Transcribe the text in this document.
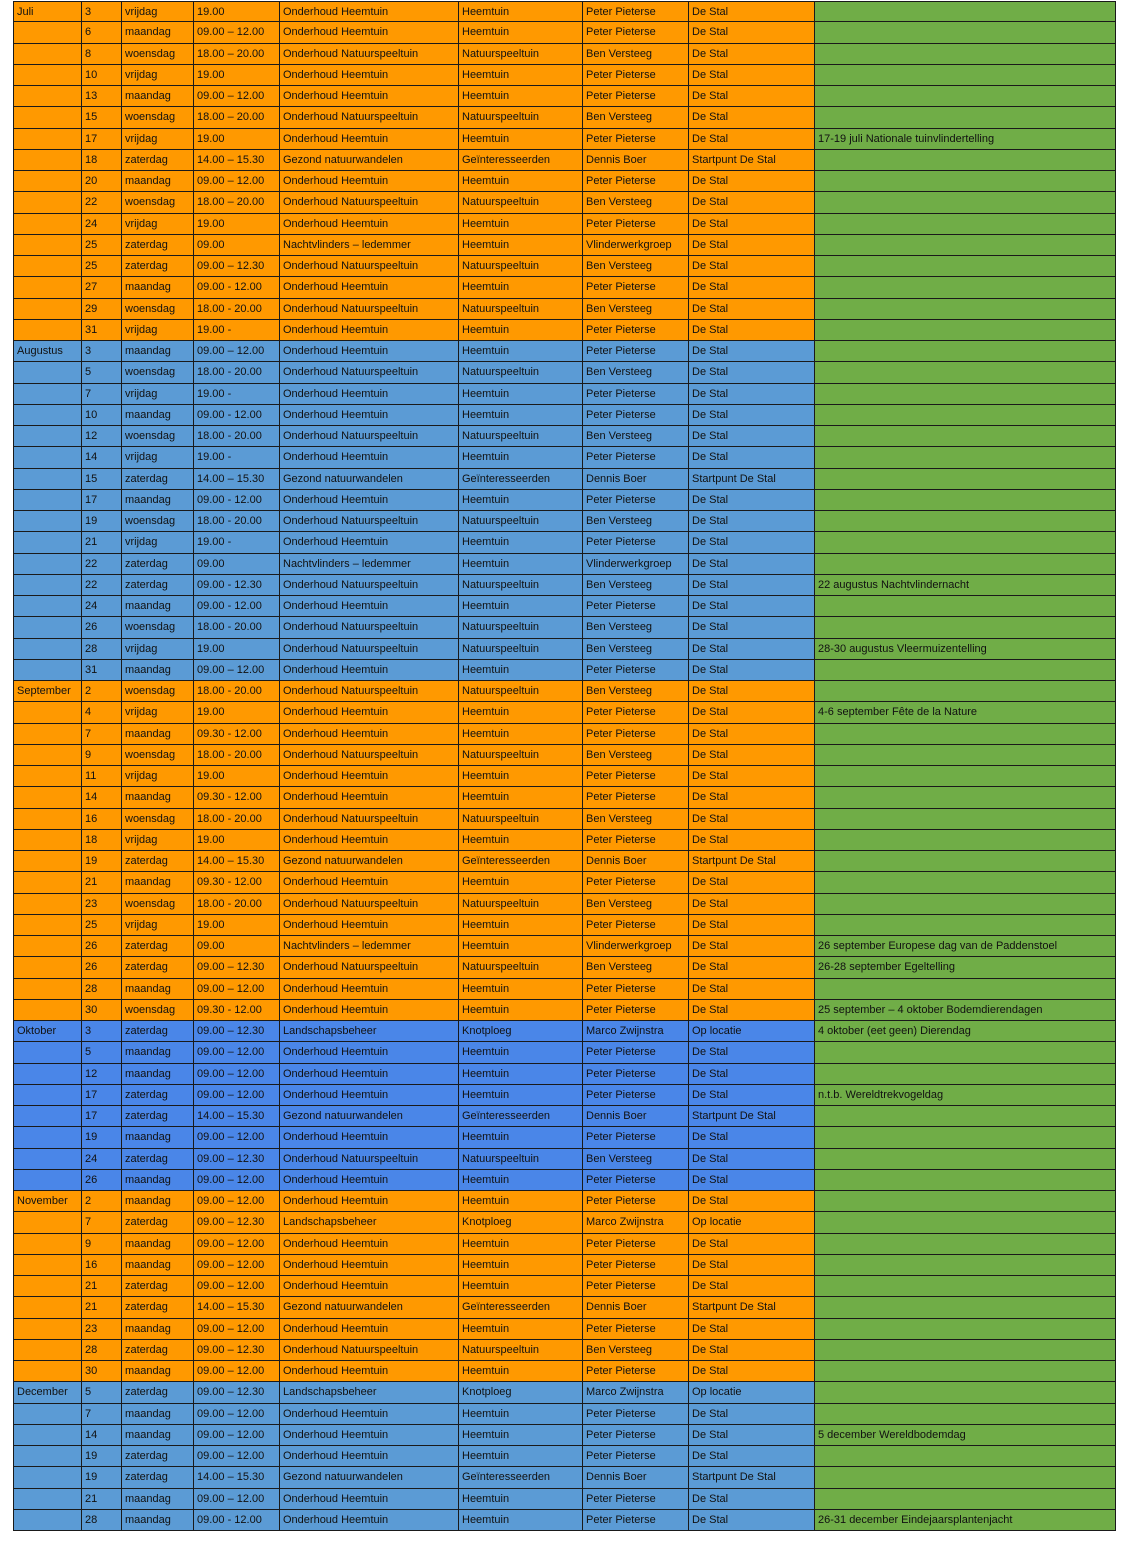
Juli	3	vrijdag	19.00	Onderhoud Heemtuin	Heemtuin	Peter Pieterse	De Stal
6	maandag	09.00 – 12.00	Onderhoud Heemtuin	Heemtuin	Peter Pieterse	De Stal
8	woensdag	18.00 – 20.00	Onderhoud Natuurspeeltuin	Natuurspeeltuin	Ben Versteeg	De Stal
10	vrijdag	19.00	Onderhoud Heemtuin	Heemtuin	Peter Pieterse	De Stal
13	maandag	09.00 – 12.00	Onderhoud Heemtuin	Heemtuin	Peter Pieterse	De Stal
15	woensdag	18.00 – 20.00	Onderhoud Natuurspeeltuin	Natuurspeeltuin	Ben Versteeg	De Stal
17	vrijdag	19.00	Onderhoud Heemtuin	Heemtuin	Peter Pieterse	De Stal	17-19 juli Nationale tuinvlindertelling
18	zaterdag	14.00 – 15.30	Gezond natuurwandelen	Geïnteresseerden	Dennis Boer	Startpunt De Stal
20	maandag	09.00 – 12.00	Onderhoud Heemtuin	Heemtuin	Peter Pieterse	De Stal
22	woensdag	18.00 – 20.00	Onderhoud Natuurspeeltuin	Natuurspeeltuin	Ben Versteeg	De Stal
24	vrijdag	19.00	Onderhoud Heemtuin	Heemtuin	Peter Pieterse	De Stal
25	zaterdag	09.00	Nachtvlinders – ledemmer	Heemtuin	Vlinderwerkgroep	De Stal
25	zaterdag	09.00 – 12.30	Onderhoud Natuurspeeltuin	Natuurspeeltuin	Ben Versteeg	De Stal
27	maandag	09.00 - 12.00	Onderhoud Heemtuin	Heemtuin	Peter Pieterse	De Stal
29	woensdag	18.00 - 20.00	Onderhoud Natuurspeeltuin	Natuurspeeltuin	Ben Versteeg	De Stal
31	vrijdag	19.00 -	Onderhoud Heemtuin	Heemtuin	Peter Pieterse	De Stal
Augustus	3	maandag	09.00 – 12.00	Onderhoud Heemtuin	Heemtuin	Peter Pieterse	De Stal
5	woensdag	18.00 - 20.00	Onderhoud Natuurspeeltuin	Natuurspeeltuin	Ben Versteeg	De Stal
7	vrijdag	19.00 -	Onderhoud Heemtuin	Heemtuin	Peter Pieterse	De Stal
10	maandag	09.00 - 12.00	Onderhoud Heemtuin	Heemtuin	Peter Pieterse	De Stal
12	woensdag	18.00 - 20.00	Onderhoud Natuurspeeltuin	Natuurspeeltuin	Ben Versteeg	De Stal
14	vrijdag	19.00 -	Onderhoud Heemtuin	Heemtuin	Peter Pieterse	De Stal
15	zaterdag	14.00 – 15.30	Gezond natuurwandelen	Geïnteresseerden	Dennis Boer	Startpunt De Stal
17	maandag	09.00 - 12.00	Onderhoud Heemtuin	Heemtuin	Peter Pieterse	De Stal
19	woensdag	18.00 - 20.00	Onderhoud Natuurspeeltuin	Natuurspeeltuin	Ben Versteeg	De Stal
21	vrijdag	19.00 -	Onderhoud Heemtuin	Heemtuin	Peter Pieterse	De Stal
22	zaterdag	09.00	Nachtvlinders – ledemmer	Heemtuin	Vlinderwerkgroep	De Stal
22	zaterdag	09.00 - 12.30	Onderhoud Natuurspeeltuin	Natuurspeeltuin	Ben Versteeg	De Stal	22 augustus Nachtvlindernacht
24	maandag	09.00 - 12.00	Onderhoud Heemtuin	Heemtuin	Peter Pieterse	De Stal
26	woensdag	18.00 - 20.00	Onderhoud Natuurspeeltuin	Natuurspeeltuin	Ben Versteeg	De Stal
28	vrijdag	19.00	Onderhoud Natuurspeeltuin	Natuurspeeltuin	Ben Versteeg	De Stal	28-30 augustus Vleermuizentelling
31	maandag	09.00 – 12.00	Onderhoud Heemtuin	Heemtuin	Peter Pieterse	De Stal
September	2	woensdag	18.00 - 20.00	Onderhoud Natuurspeeltuin	Natuurspeeltuin	Ben Versteeg	De Stal
4	vrijdag	19.00	Onderhoud Heemtuin	Heemtuin	Peter Pieterse	De Stal	4-6 september Fête de la Nature
7	maandag	09.30 - 12.00	Onderhoud Heemtuin	Heemtuin	Peter Pieterse	De Stal
9	woensdag	18.00 - 20.00	Onderhoud Natuurspeeltuin	Natuurspeeltuin	Ben Versteeg	De Stal
11	vrijdag	19.00	Onderhoud Heemtuin	Heemtuin	Peter Pieterse	De Stal
14	maandag	09.30 - 12.00	Onderhoud Heemtuin	Heemtuin	Peter Pieterse	De Stal
16	woensdag	18.00 - 20.00	Onderhoud Natuurspeeltuin	Natuurspeeltuin	Ben Versteeg	De Stal
18	vrijdag	19.00	Onderhoud Heemtuin	Heemtuin	Peter Pieterse	De Stal
19	zaterdag	14.00 – 15.30	Gezond natuurwandelen	Geïnteresseerden	Dennis Boer	Startpunt De Stal
21	maandag	09.30 - 12.00	Onderhoud Heemtuin	Heemtuin	Peter Pieterse	De Stal
23	woensdag	18.00 - 20.00	Onderhoud Natuurspeeltuin	Natuurspeeltuin	Ben Versteeg	De Stal
25	vrijdag	19.00	Onderhoud Heemtuin	Heemtuin	Peter Pieterse	De Stal
26	zaterdag	09.00	Nachtvlinders – ledemmer	Heemtuin	Vlinderwerkgroep	De Stal	26 september Europese dag van de Paddenstoel
26	zaterdag	09.00 – 12.30	Onderhoud Natuurspeeltuin	Natuurspeeltuin	Ben Versteeg	De Stal	26-28 september Egeltelling
28	maandag	09.00 – 12.00	Onderhoud Heemtuin	Heemtuin	Peter Pieterse	De Stal
30	woensdag	09.30 - 12.00	Onderhoud Heemtuin	Heemtuin	Peter Pieterse	De Stal	25 september – 4 oktober Bodemdierendagen
Oktober	3	zaterdag	09.00 – 12.30	Landschapsbeheer	Knotploeg	Marco Zwijnstra	Op locatie	4 oktober (eet geen) Dierendag
5	maandag	09.00 – 12.00	Onderhoud Heemtuin	Heemtuin	Peter Pieterse	De Stal
12	maandag	09.00 – 12.00	Onderhoud Heemtuin	Heemtuin	Peter Pieterse	De Stal
17	zaterdag	09.00 – 12.00	Onderhoud Heemtuin	Heemtuin	Peter Pieterse	De Stal	n.t.b. Wereldtrekvogeldag
17	zaterdag	14.00 – 15.30	Gezond natuurwandelen	Geïnteresseerden	Dennis Boer	Startpunt De Stal
19	maandag	09.00 – 12.00	Onderhoud Heemtuin	Heemtuin	Peter Pieterse	De Stal
24	zaterdag	09.00 – 12.30	Onderhoud Natuurspeeltuin	Natuurspeeltuin	Ben Versteeg	De Stal
26	maandag	09.00 – 12.00	Onderhoud Heemtuin	Heemtuin	Peter Pieterse	De Stal
November	2	maandag	09.00 – 12.00	Onderhoud Heemtuin	Heemtuin	Peter Pieterse	De Stal
7	zaterdag	09.00 – 12.30	Landschapsbeheer	Knotploeg	Marco Zwijnstra	Op locatie
9	maandag	09.00 – 12.00	Onderhoud Heemtuin	Heemtuin	Peter Pieterse	De Stal
16	maandag	09.00 – 12.00	Onderhoud Heemtuin	Heemtuin	Peter Pieterse	De Stal
21	zaterdag	09.00 – 12.00	Onderhoud Heemtuin	Heemtuin	Peter Pieterse	De Stal
21	zaterdag	14.00 – 15.30	Gezond natuurwandelen	Geïnteresseerden	Dennis Boer	Startpunt De Stal
23	maandag	09.00 – 12.00	Onderhoud Heemtuin	Heemtuin	Peter Pieterse	De Stal
28	zaterdag	09.00 – 12.30	Onderhoud Natuurspeeltuin	Natuurspeeltuin	Ben Versteeg	De Stal
30	maandag	09.00 – 12.00	Onderhoud Heemtuin	Heemtuin	Peter Pieterse	De Stal
December	5	zaterdag	09.00 – 12.30	Landschapsbeheer	Knotploeg	Marco Zwijnstra	Op locatie
7	maandag	09.00 – 12.00	Onderhoud Heemtuin	Heemtuin	Peter Pieterse	De Stal
14	maandag	09.00 – 12.00	Onderhoud Heemtuin	Heemtuin	Peter Pieterse	De Stal	5 december Wereldbodemdag
19	zaterdag	09.00 – 12.00	Onderhoud Heemtuin	Heemtuin	Peter Pieterse	De Stal
19	zaterdag	14.00 – 15.30	Gezond natuurwandelen	Geïnteresseerden	Dennis Boer	Startpunt De Stal
21	maandag	09.00 – 12.00	Onderhoud Heemtuin	Heemtuin	Peter Pieterse	De Stal
28	maandag	09.00 - 12.00	Onderhoud Heemtuin	Heemtuin	Peter Pieterse	De Stal	26-31 december Eindejaarsplantenjacht
